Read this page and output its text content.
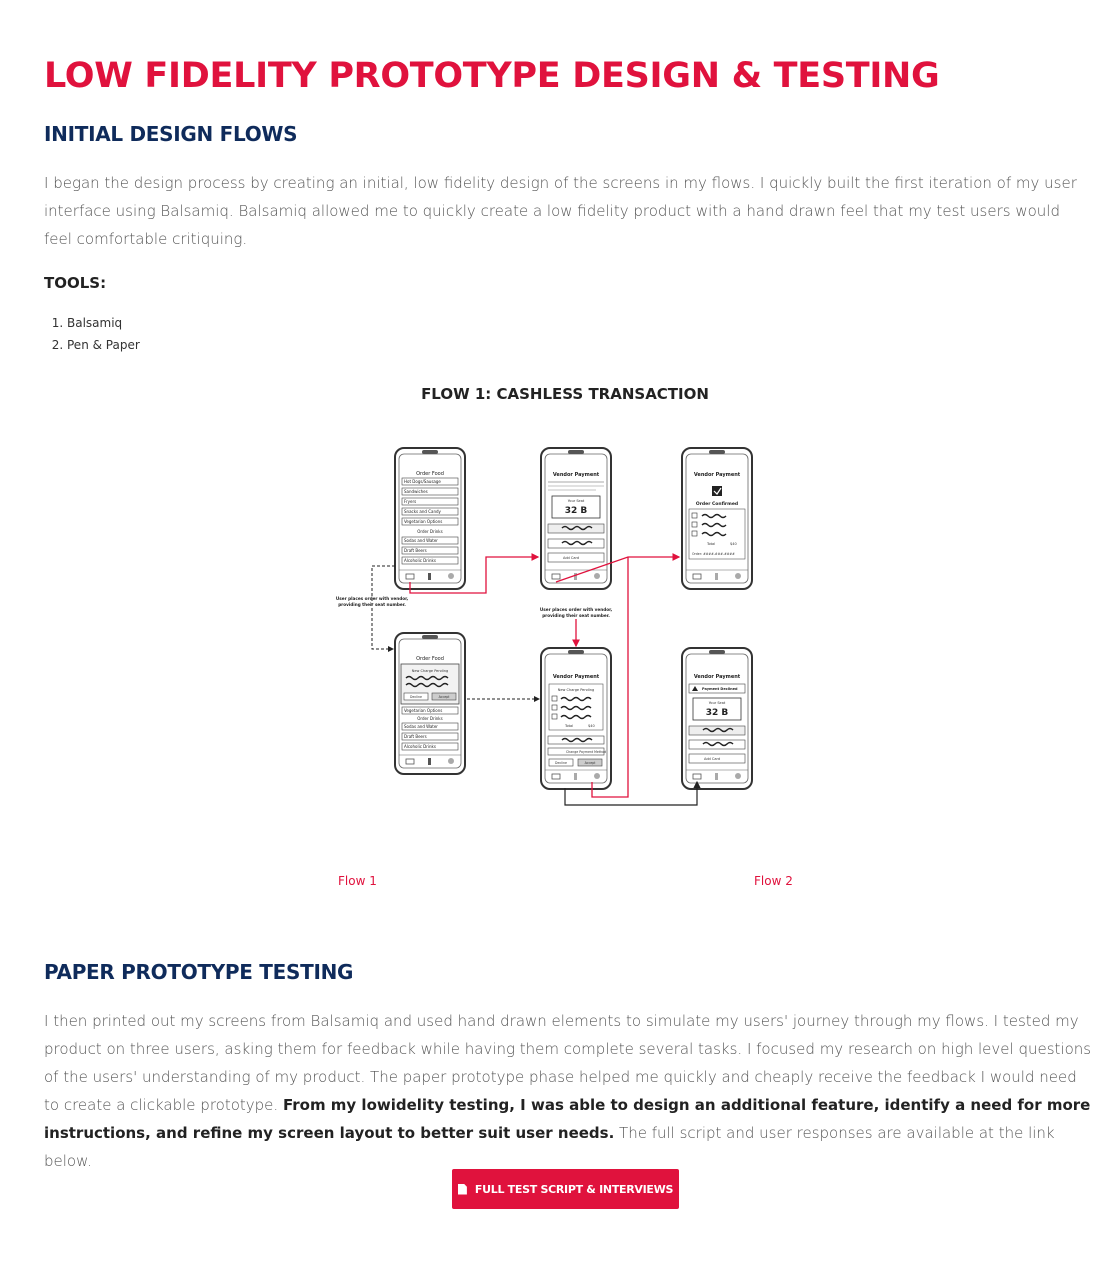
LOW FIDELITY PROTOTYPE DESIGN & TESTING
INITIAL DESIGN FLOWS

I began the design process by creating an initial, low fidelity design of the screens in my flows. I quickly built the first iteration of my user interface using Balsamiq. Balsamiq allowed me to quickly create a low fidelity product with a hand drawn feel that my test users would feel comfortable critiquing.

TOOLS:

1. Balsamiq
2. Pen & Paper

FLOW 1: CASHLESS TRANSACTION

Order Food
Hot Dogs/Sausage
Sandwiches
Fryers
Snacks and Candy
Vegetarian Options
Order Drinks
Sodas and Water
Draft Beers
Alcoholic Drinks
Vendor Payment
Your Seat
32 B
Add Card
Vendor Payment
Order Confirmed
Total	$40
Order: ####-###-####
Order Food
New Charge Pending
Decline	Accept
Vegetarian Options
Order Drinks
Sodas and Water
Draft Beers
Alcoholic Drinks
Vendor Payment
New Charge Pending
Total	$40
Change Payment Method
Decline	Accept
Vendor Payment
Payment Declined
Your Seat
32 B
Add Card
User places order with vendor,
providing their seat number.
User places order with vendor,
providing their seat number.

Flow 1	Flow 2

PAPER PROTOTYPE TESTING

I then printed out my screens from Balsamiq and used hand drawn elements to simulate my users' journey through my flows. I tested my product on three users, asking them for feedback while having them complete several tasks. I focused my research on high level questions of the users' understanding of my product. The paper prototype phase helped me quickly and cheaply receive the feedback I would need to create a clickable prototype. From my lowidelity testing, I was able to design an additional feature, identify a need for more instructions, and refine my screen layout to better suit user needs. The full script and user responses are available at the link below.

FULL TEST SCRIPT & INTERVIEWS
